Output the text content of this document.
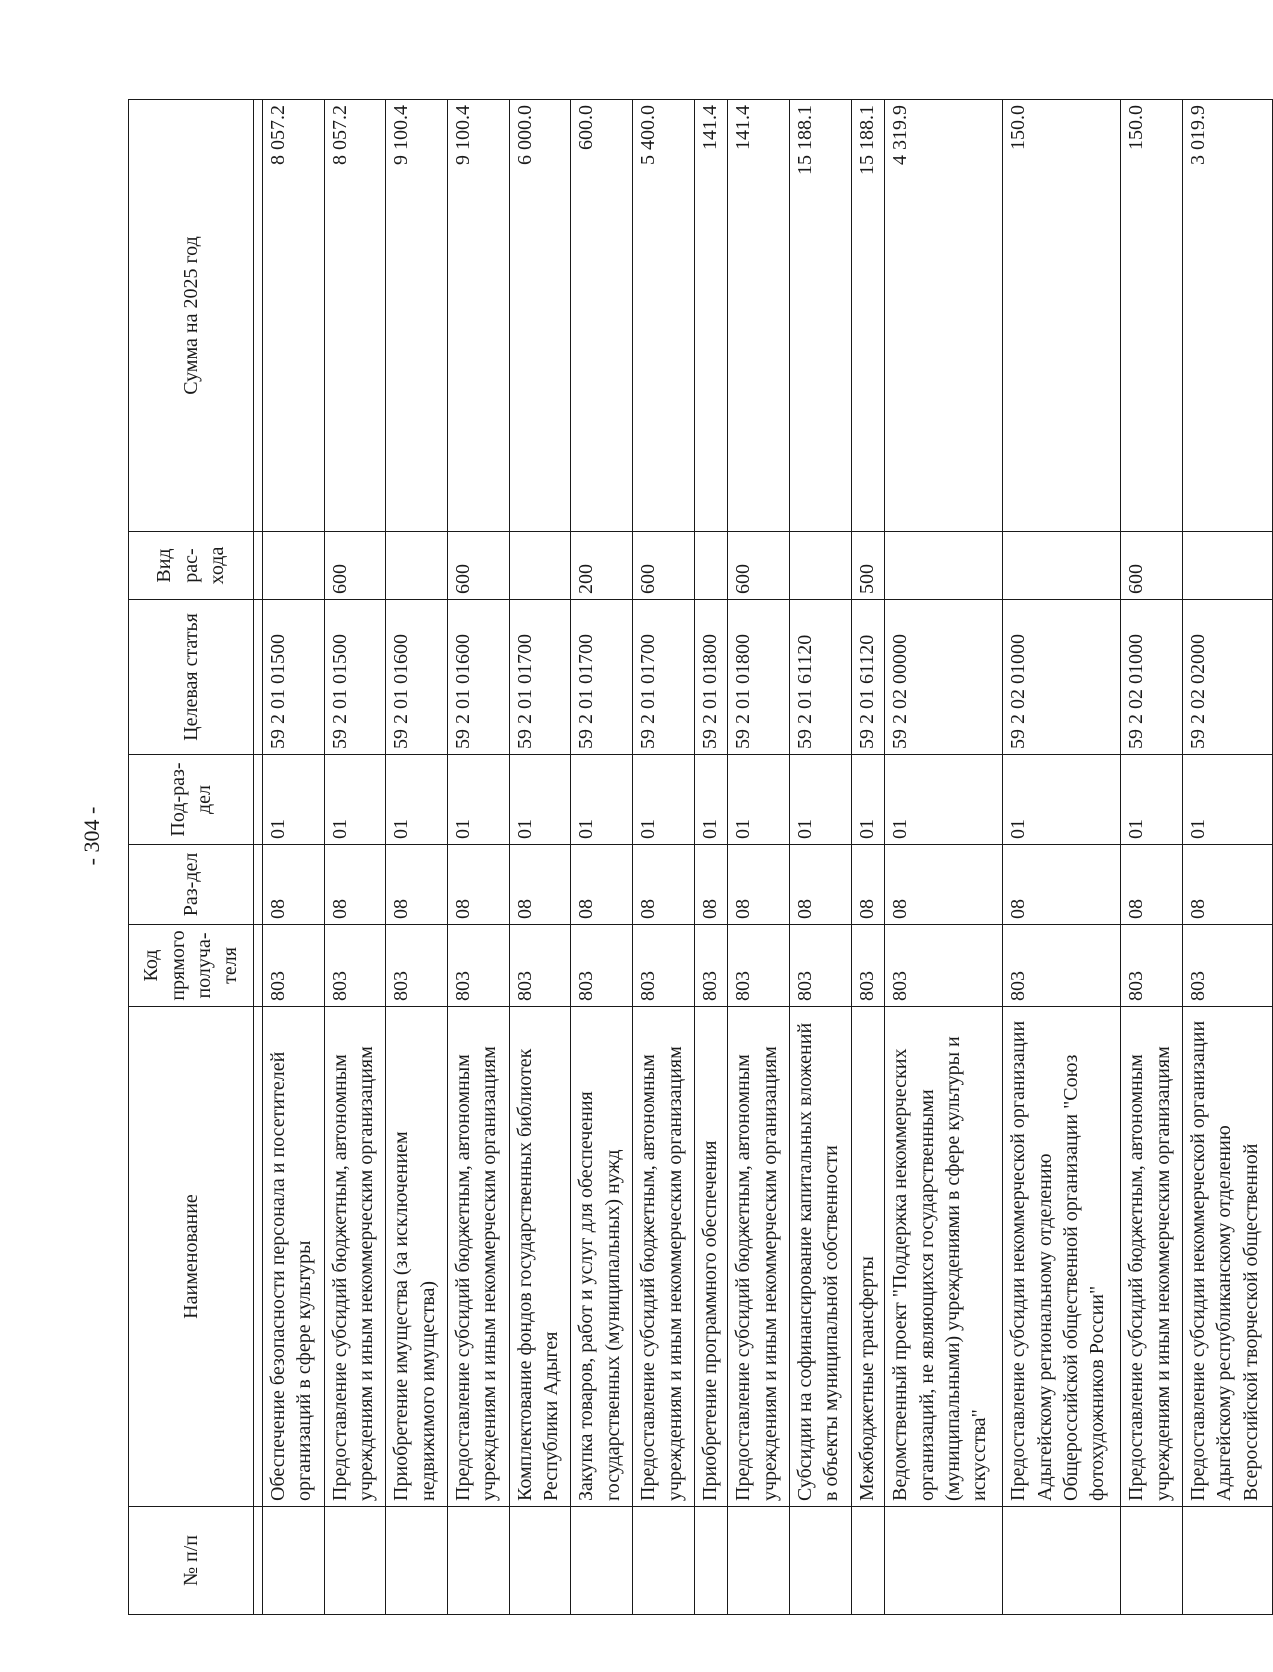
- 304 -
№ п/п	Наименование	Код прямого получа-теля	Раз-дел	Под-раз-дел	Целевая статья	Вид рас-хода	Сумма на 2025 год

	Обеспечение безопасности персонала и посетителей организаций в сфере культуры	803	08	01	59 2 01 01500		8 057.2
	Предоставление субсидий бюджетным, автономным учреждениям и иным некоммерческим организациям	803	08	01	59 2 01 01500	600	8 057.2
	Приобретение имущества (за исключением недвижимого имущества)	803	08	01	59 2 01 01600		9 100.4
	Предоставление субсидий бюджетным, автономным учреждениям и иным некоммерческим организациям	803	08	01	59 2 01 01600	600	9 100.4
	Комплектование фондов государственных библиотек Республики Адыгея	803	08	01	59 2 01 01700		6 000.0
	Закупка товаров, работ и услуг для обеспечения государственных (муниципальных) нужд	803	08	01	59 2 01 01700	200	600.0
	Предоставление субсидий бюджетным, автономным учреждениям и иным некоммерческим организациям	803	08	01	59 2 01 01700	600	5 400.0
	Приобретение программного обеспечения	803	08	01	59 2 01 01800		141.4
	Предоставление субсидий бюджетным, автономным учреждениям и иным некоммерческим организациям	803	08	01	59 2 01 01800	600	141.4
	Субсидии на софинансирование капитальных вложений в объекты муниципальной собственности	803	08	01	59 2 01 61120		15 188.1
	Межбюджетные трансферты	803	08	01	59 2 01 61120	500	15 188.1
	Ведомственный проект "Поддержка некоммерческих организаций, не являющихся государственными (муниципальными) учреждениями в сфере культуры и искусства"	803	08	01	59 2 02 00000		4 319.9
	Предоставление субсидии некоммерческой организации Адыгейскому региональному отделению Общероссийской общественной организации "Союз фотохудожников России"	803	08	01	59 2 02 01000		150.0
	Предоставление субсидий бюджетным, автономным учреждениям и иным некоммерческим организациям	803	08	01	59 2 02 01000	600	150.0
	Предоставление субсидии некоммерческой организации Адыгейскому республиканскому отделению Всероссийской творческой общественной	803	08	01	59 2 02 02000		3 019.9
